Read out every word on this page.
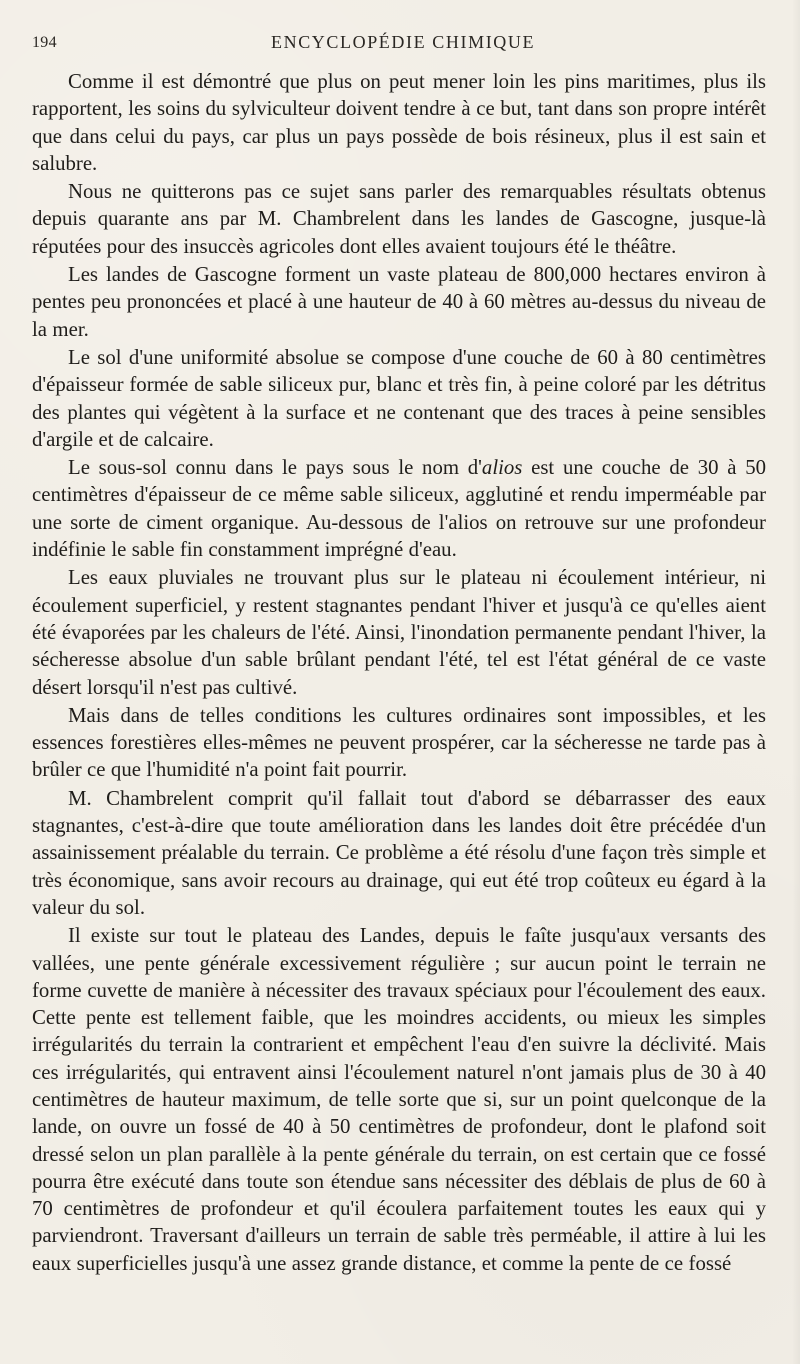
194	ENCYCLOPÉDIE CHIMIQUE

Comme il est démontré que plus on peut mener loin les pins maritimes, plus ils rapportent, les soins du sylviculteur doivent tendre à ce but, tant dans son propre intérêt que dans celui du pays, car plus un pays possède de bois résineux, plus il est sain et salubre.

Nous ne quitterons pas ce sujet sans parler des remarquables résultats obtenus depuis quarante ans par M. Chambrelent dans les landes de Gascogne, jusque-là réputées pour des insuccès agricoles dont elles avaient toujours été le théâtre.

Les landes de Gascogne forment un vaste plateau de 800,000 hectares environ à pentes peu prononcées et placé à une hauteur de 40 à 60 mètres au-dessus du niveau de la mer.

Le sol d'une uniformité absolue se compose d'une couche de 60 à 80 centimètres d'épaisseur formée de sable siliceux pur, blanc et très fin, à peine coloré par les détritus des plantes qui végètent à la surface et ne contenant que des traces à peine sensibles d'argile et de calcaire.

Le sous-sol connu dans le pays sous le nom d'alios est une couche de 30 à 50 centimètres d'épaisseur de ce même sable siliceux, agglutiné et rendu imperméable par une sorte de ciment organique. Au-dessous de l'alios on retrouve sur une profondeur indéfinie le sable fin constamment imprégné d'eau.

Les eaux pluviales ne trouvant plus sur le plateau ni écoulement intérieur, ni écoulement superficiel, y restent stagnantes pendant l'hiver et jusqu'à ce qu'elles aient été évaporées par les chaleurs de l'été. Ainsi, l'inondation permanente pendant l'hiver, la sécheresse absolue d'un sable brûlant pendant l'été, tel est l'état général de ce vaste désert lorsqu'il n'est pas cultivé.

Mais dans de telles conditions les cultures ordinaires sont impossibles, et les essences forestières elles-mêmes ne peuvent prospérer, car la sécheresse ne tarde pas à brûler ce que l'humidité n'a point fait pourrir.

M. Chambrelent comprit qu'il fallait tout d'abord se débarrasser des eaux stagnantes, c'est-à-dire que toute amélioration dans les landes doit être précédée d'un assainissement préalable du terrain. Ce problème a été résolu d'une façon très simple et très économique, sans avoir recours au drainage, qui eut été trop coûteux eu égard à la valeur du sol.

Il existe sur tout le plateau des Landes, depuis le faîte jusqu'aux versants des vallées, une pente générale excessivement régulière ; sur aucun point le terrain ne forme cuvette de manière à nécessiter des travaux spéciaux pour l'écoulement des eaux. Cette pente est tellement faible, que les moindres accidents, ou mieux les simples irrégularités du terrain la contrarient et empêchent l'eau d'en suivre la déclivité. Mais ces irrégularités, qui entravent ainsi l'écoulement naturel n'ont jamais plus de 30 à 40 centimètres de hauteur maximum, de telle sorte que si, sur un point quelconque de la lande, on ouvre un fossé de 40 à 50 centimètres de profondeur, dont le plafond soit dressé selon un plan parallèle à la pente générale du terrain, on est certain que ce fossé pourra être exécuté dans toute son étendue sans nécessiter des déblais de plus de 60 à 70 centimètres de profondeur et qu'il écoulera parfaitement toutes les eaux qui y parviendront. Traversant d'ailleurs un terrain de sable très perméable, il attire à lui les eaux superficielles jusqu'à une assez grande distance, et comme la pente de ce fossé
